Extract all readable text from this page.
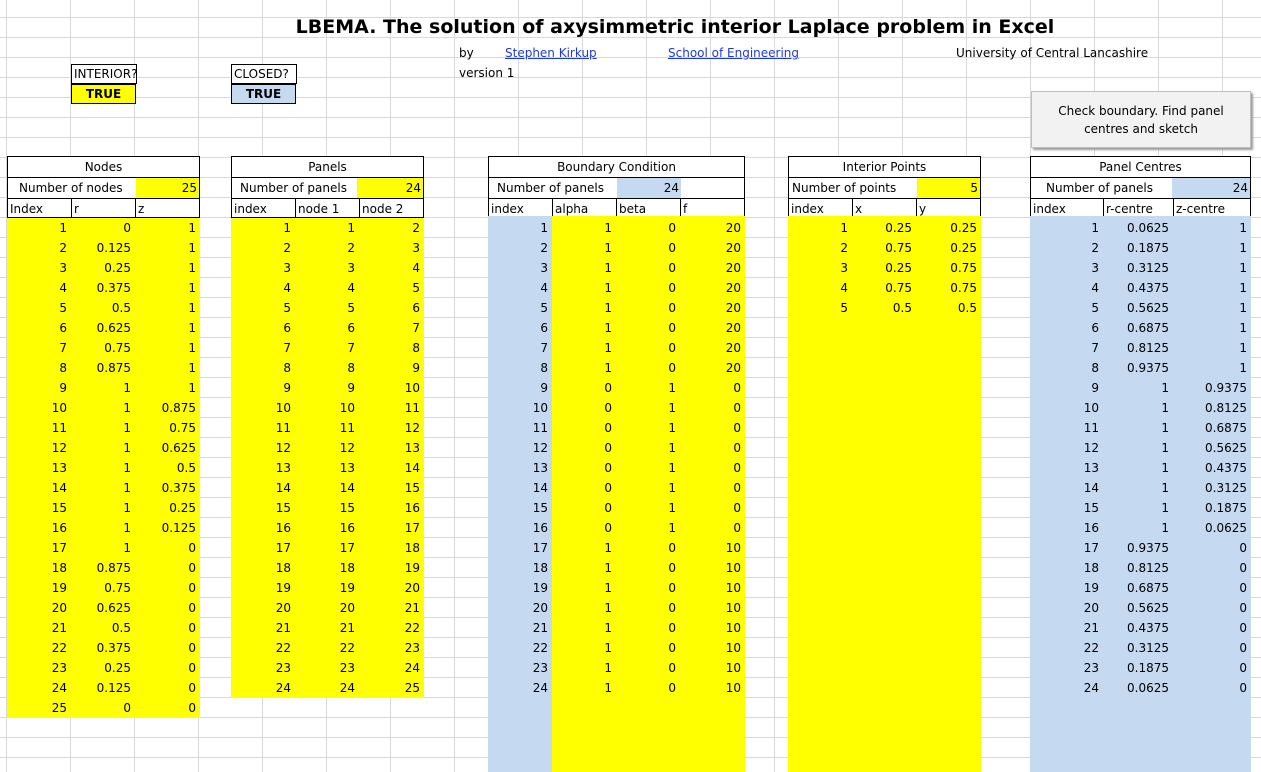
LBEMA. The solution of axysimmetric interior Laplace problem in Excel
by	Stephen Kirkup	School of Engineering	University of Central Lancashire
version 1
INTERIOR?
TRUE
CLOSED?
TRUE
Check boundary. Find panel centres and sketch
Nodes
Number of nodes	25
Index	r	z
1	0	1
2	0.125	1
3	0.25	1
4	0.375	1
5	0.5	1
6	0.625	1
7	0.75	1
8	0.875	1
9	1	1
10	1	0.875
11	1	0.75
12	1	0.625
13	1	0.5
14	1	0.375
15	1	0.25
16	1	0.125
17	1	0
18	0.875	0
19	0.75	0
20	0.625	0
21	0.5	0
22	0.375	0
23	0.25	0
24	0.125	0
25	0	0
Panels
Number of panels	24
index	node 1	node 2
1	1	2
2	2	3
3	3	4
4	4	5
5	5	6
6	6	7
7	7	8
8	8	9
9	9	10
10	10	11
11	11	12
12	12	13
13	13	14
14	14	15
15	15	16
16	16	17
17	17	18
18	18	19
19	19	20
20	20	21
21	21	22
22	22	23
23	23	24
24	24	25
Boundary Condition
Number of panels	24
index	alpha	beta	f
1	1	0	20
2	1	0	20
3	1	0	20
4	1	0	20
5	1	0	20
6	1	0	20
7	1	0	20
8	1	0	20
9	0	1	0
10	0	1	0
11	0	1	0
12	0	1	0
13	0	1	0
14	0	1	0
15	0	1	0
16	0	1	0
17	1	0	10
18	1	0	10
19	1	0	10
20	1	0	10
21	1	0	10
22	1	0	10
23	1	0	10
24	1	0	10
Interior Points
Number of points	5
index	x	y
1	0.25	0.25
2	0.75	0.25
3	0.25	0.75
4	0.75	0.75
5	0.5	0.5
Panel Centres
Number of panels	24
index	r-centre	z-centre
1	0.0625	1
2	0.1875	1
3	0.3125	1
4	0.4375	1
5	0.5625	1
6	0.6875	1
7	0.8125	1
8	0.9375	1
9	1	0.9375
10	1	0.8125
11	1	0.6875
12	1	0.5625
13	1	0.4375
14	1	0.3125
15	1	0.1875
16	1	0.0625
17	0.9375	0
18	0.8125	0
19	0.6875	0
20	0.5625	0
21	0.4375	0
22	0.3125	0
23	0.1875	0
24	0.0625	0
